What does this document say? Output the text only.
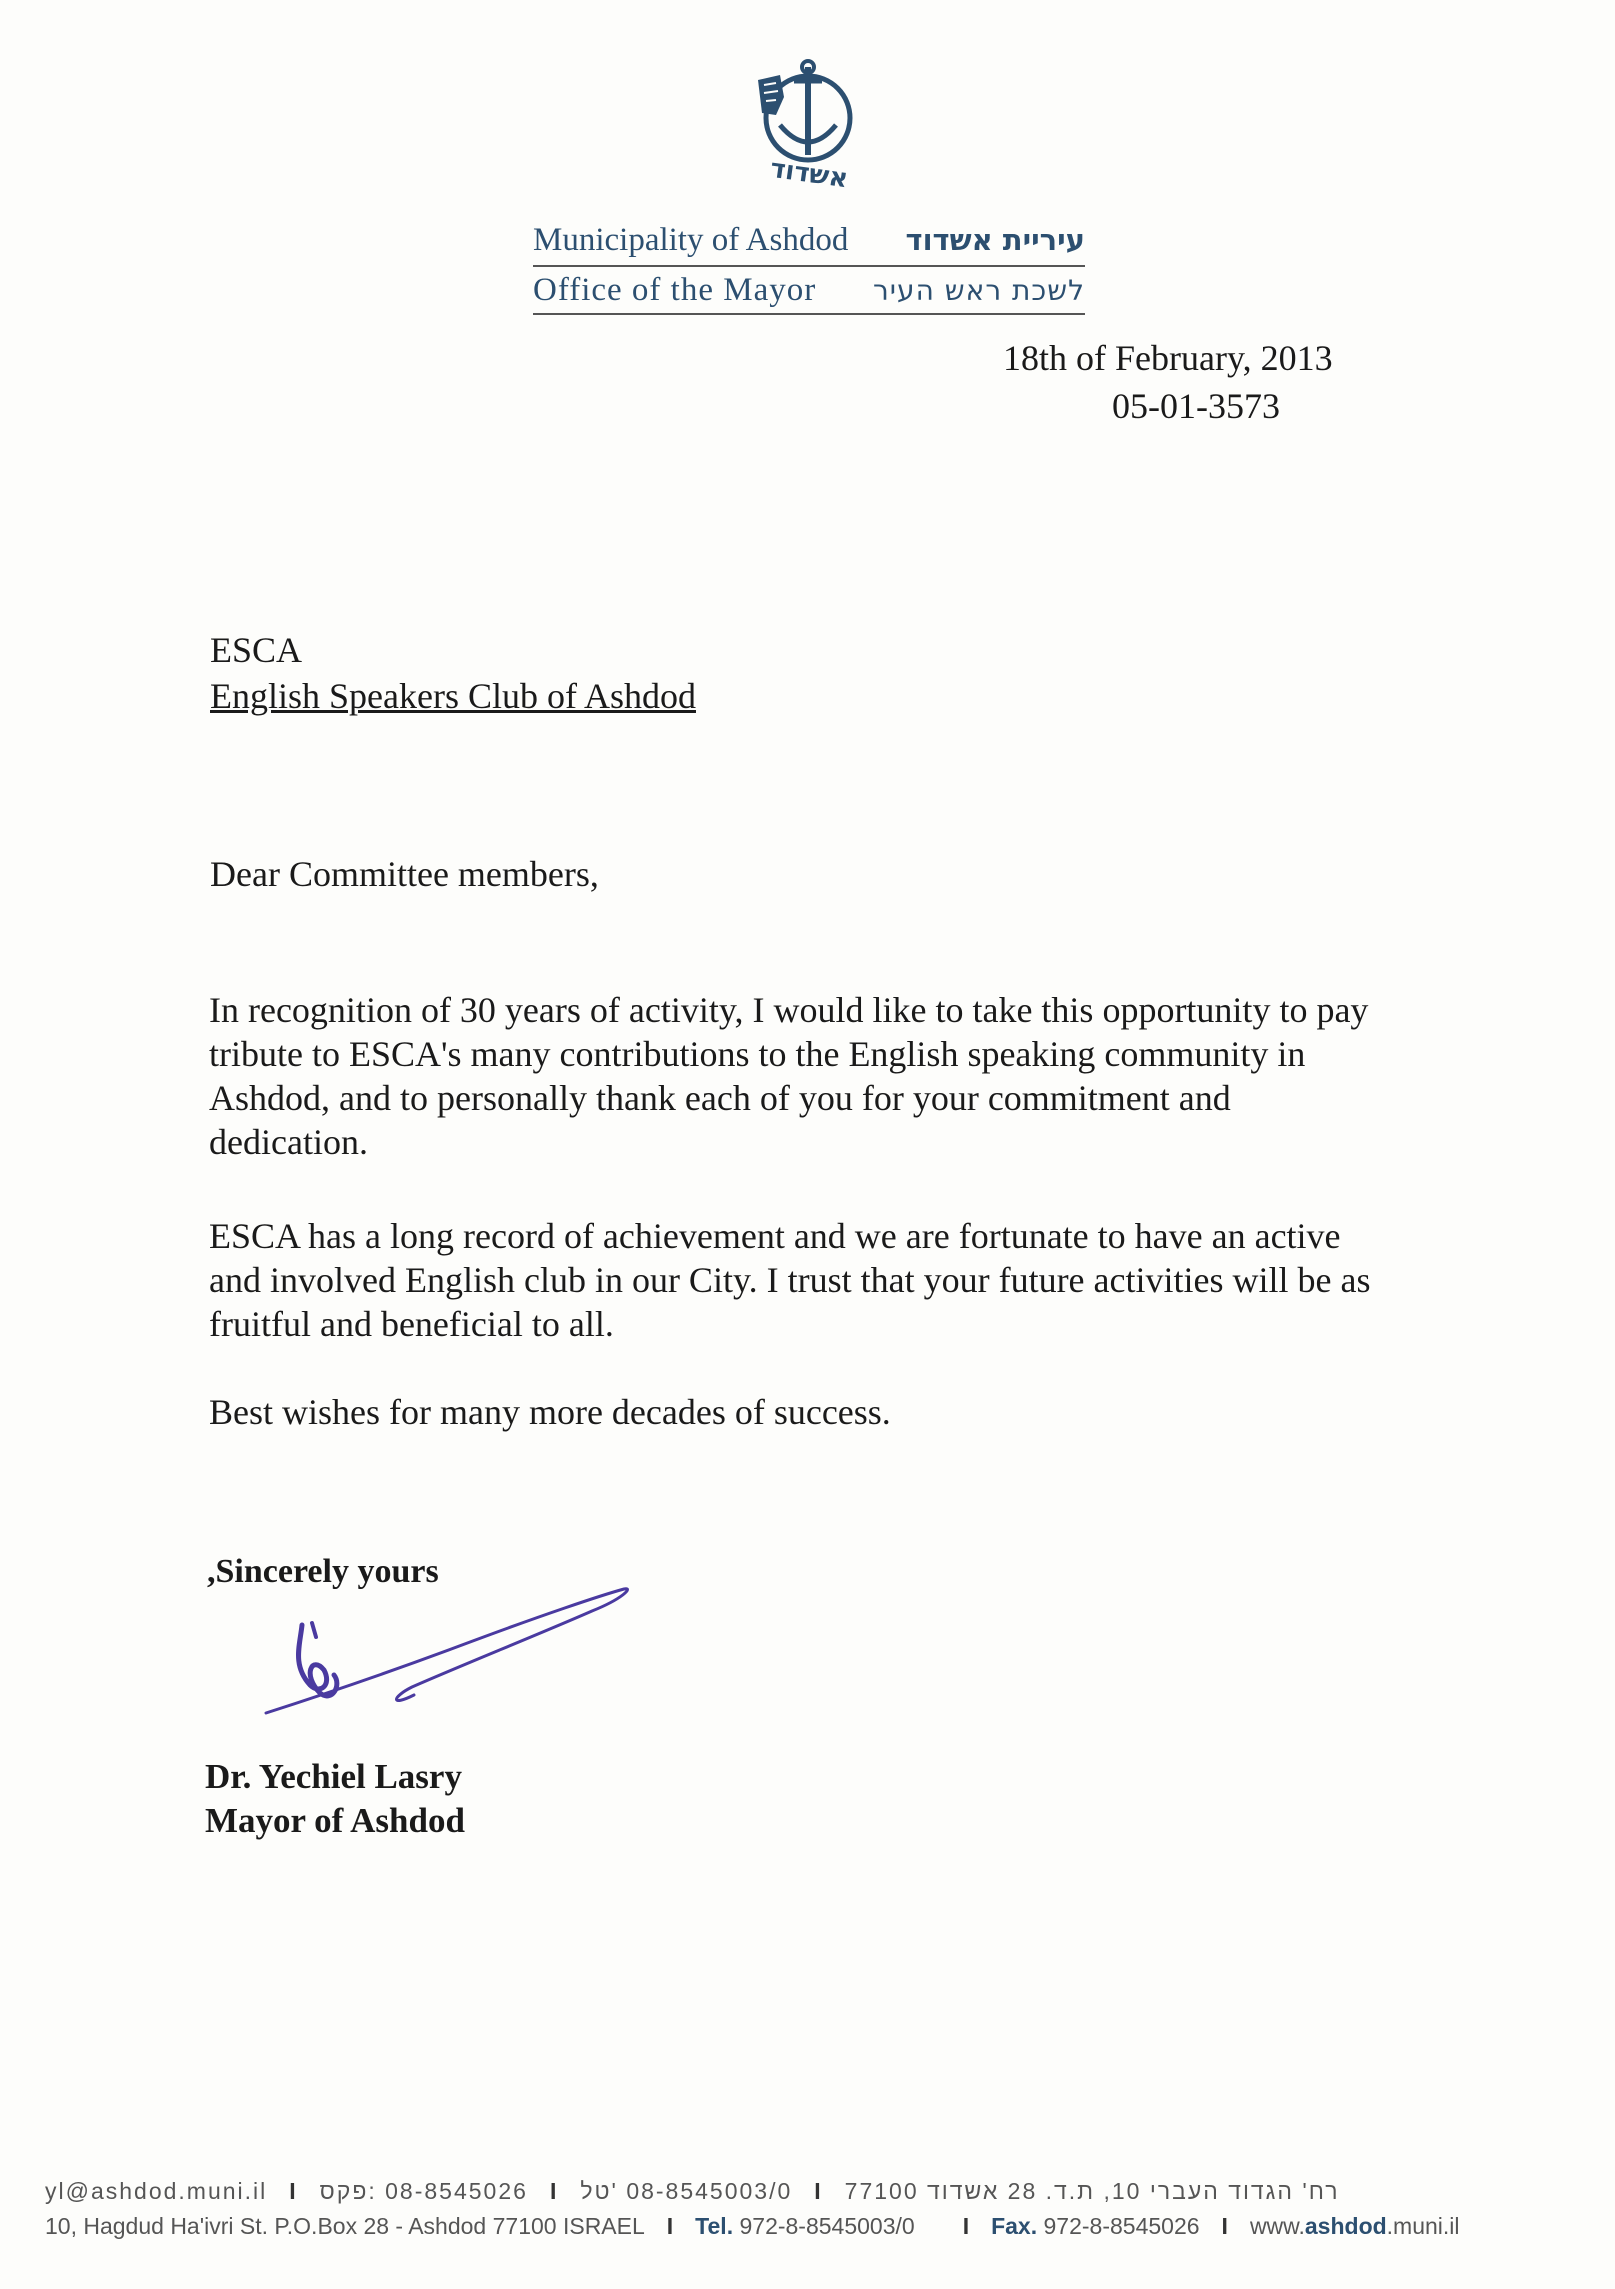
אשדוד
Municipality of Ashdod עיריית אשדוד
Office of the Mayor לשכת ראש העיר
18th of February, 2013
05-01-3573
ESCA
English Speakers Club of Ashdod
Dear Committee members,

In recognition of 30 years of activity, I would like to take this opportunity to pay tribute to ESCA's many contributions to the English speaking community in Ashdod, and to personally thank each of you for your commitment and dedication.

ESCA has a long record of achievement and we are fortunate to have an active and involved English club in our City. I trust that your future activities will be as fruitful and beneficial to all.

Best wishes for many more decades of success.

,Sincerely yours
Dr. Yechiel Lasry
Mayor of Ashdod
yl@ashdod.muni.il I 08-8545026 :פקס I 08-8545003/0 'טל I רח' הגדוד העברי 10, ת.ד. 28 אשדוד 77100
10, Hagdud Ha'ivri St. P.O.Box 28 - Ashdod 77100 ISRAEL I Tel.
972-8-8545003/0 I Fax.
972-8-8545026 I www.ashdod.muni.il
